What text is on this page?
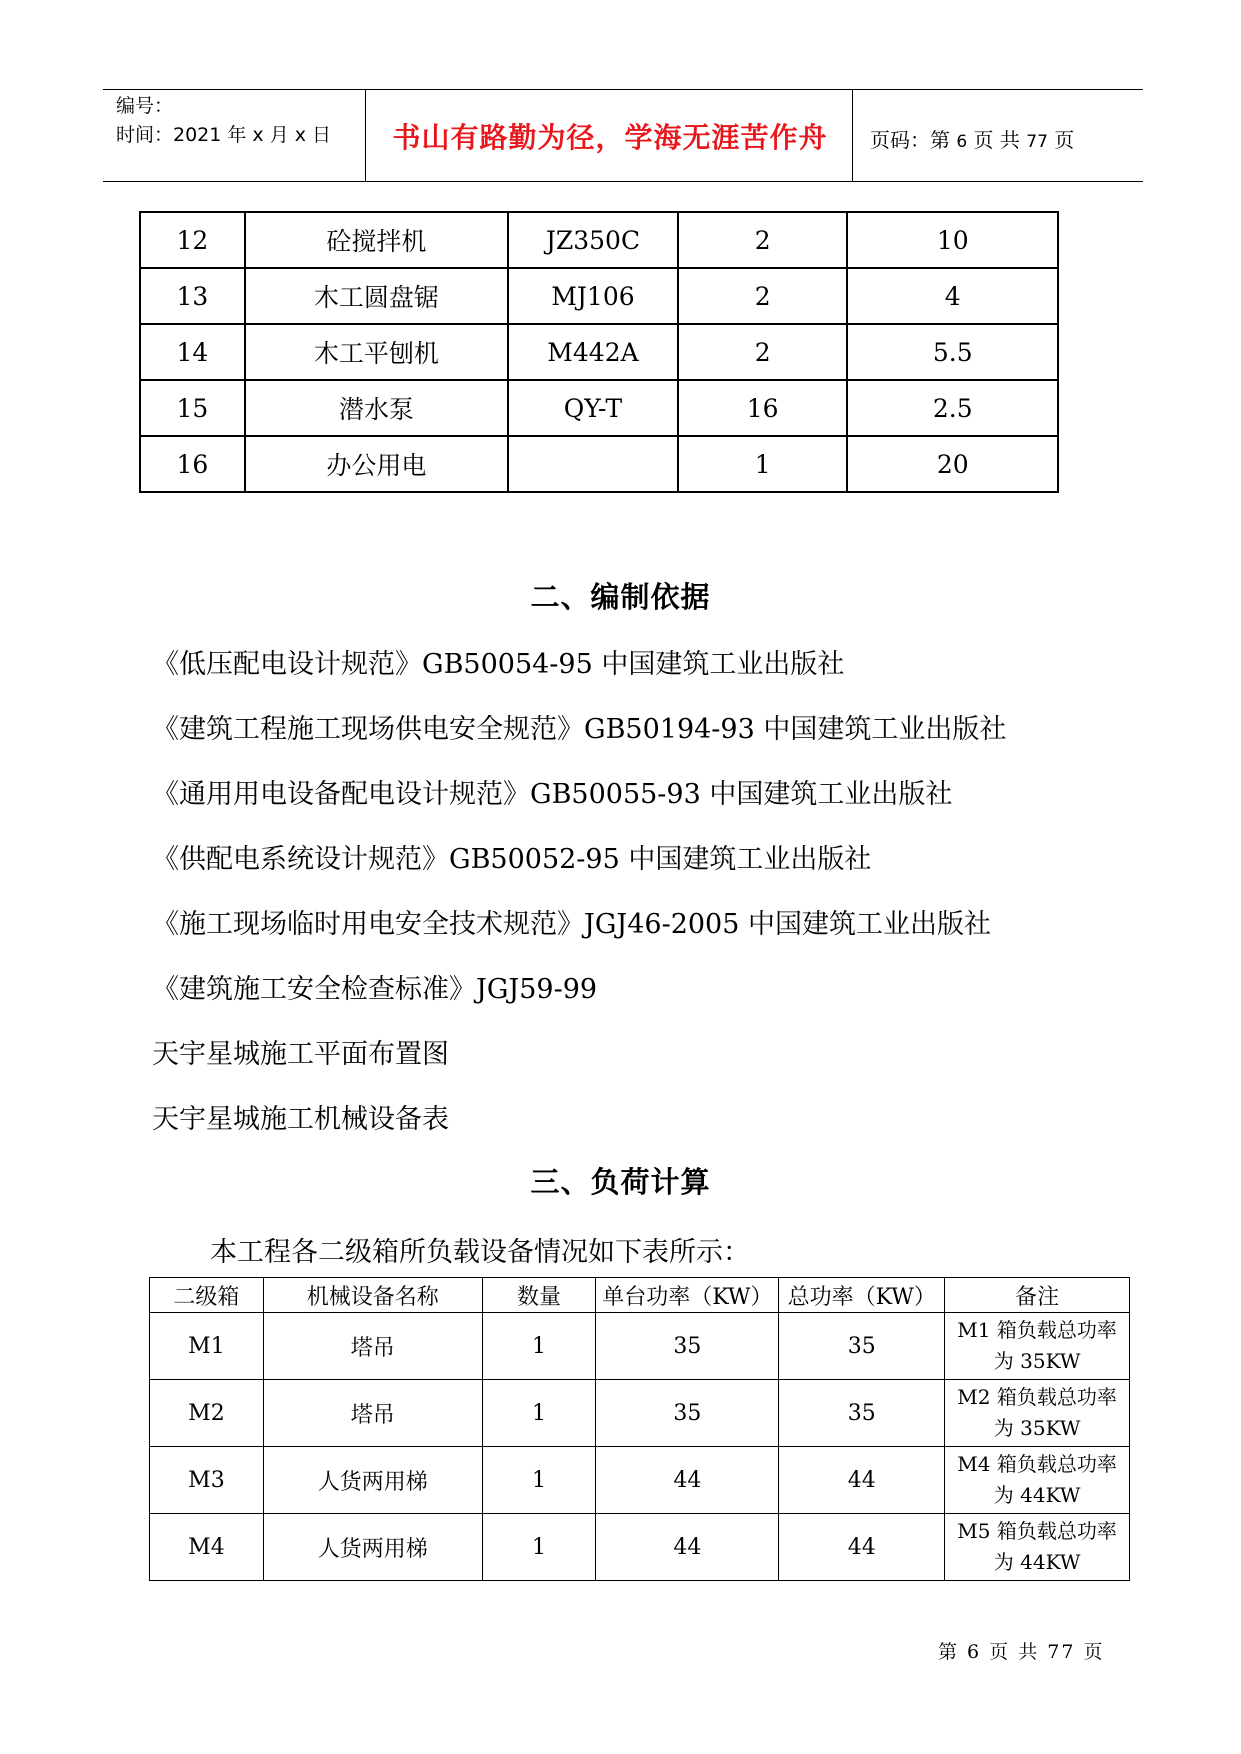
编号：
时间：2021 年 x 月 x 日	书山有路勤为径，学海无涯苦作舟	页码：第 6 页 共 77 页
12	砼搅拌机	JZ350C	2	10
13	木工圆盘锯	MJ106	2	4
14	木工平刨机	M442A	2	5.5
15	潜水泵	QY-T	16	2.5
16	办公用电		1	20
二、编制依据
《低压配电设计规范》GB50054-95 中国建筑工业出版社
《建筑工程施工现场供电安全规范》GB50194-93 中国建筑工业出版社
《通用用电设备配电设计规范》GB50055-93 中国建筑工业出版社
《供配电系统设计规范》GB50052-95 中国建筑工业出版社
《施工现场临时用电安全技术规范》JGJ46-2005 中国建筑工业出版社
《建筑施工安全检查标准》JGJ59-99
天宇星城施工平面布置图
天宇星城施工机械设备表
三、负荷计算
本工程各二级箱所负载设备情况如下表所示：
二级箱	机械设备名称	数量	单台功率（KW）	总功率（KW）	备注
M1	塔吊	1	35	35	M1 箱负载总功率
为 35KW

M2	塔吊	1	35	35	M2 箱负载总功率
为 35KW

M3	人货两用梯	1	44	44	M4 箱负载总功率
为 44KW

M4	人货两用梯	1	44	44	M5 箱负载总功率
为 44KW
第 6 页 共 77 页
